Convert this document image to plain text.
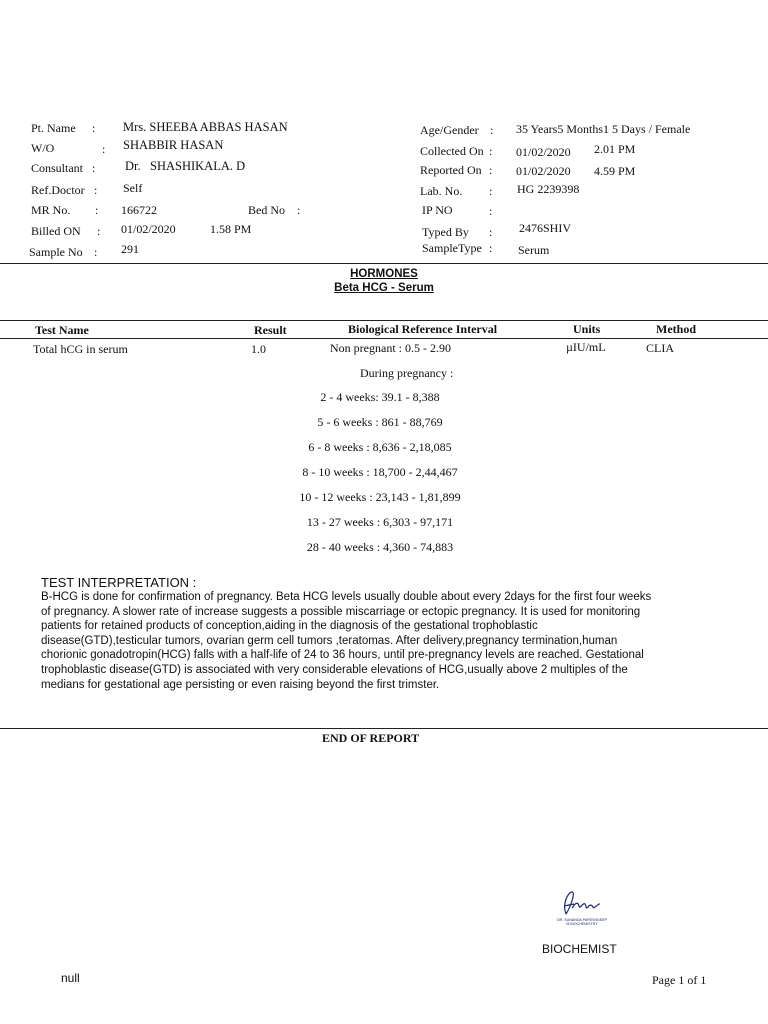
Pt. Name : Mrs. SHEEBA ABBAS HASAN
W/O	: SHABBIR HASAN
Consultant : Dr.   SHASHIKALA. D
Ref.Doctor : Self
MR No. : 166722	Bed No :
Billed ON : 01/02/2020	1.58 PM
Sample No : 291
Age/Gender : 35 Years5 Months1 5 Days / Female
Collected On : 01/02/2020 2.01 PM
Reported On : 01/02/2020 4.59 PM
Lab. No. : HG 2239398
IP NO	:
Typed By : 2476SHIV
SampleType : Serum
HORMONES
Beta HCG - Serum
Test Name	Result	Biological Reference Interval	Units	Method
Total hCG in serum	1.0	Non pregnant : 0.5 - 2.90	µIU/mL	CLIA
During pregnancy :
2 - 4 weeks: 39.1 - 8,388
5 - 6 weeks : 861 - 88,769
6 - 8 weeks : 8,636 - 2,18,085
8 - 10 weeks : 18,700 - 2,44,467
10 - 12 weeks : 23,143 - 1,81,899
13 - 27 weeks : 6,303 - 97,171
28 - 40 weeks : 4,360 - 74,883
TEST INTERPRETATION :
B-HCG is done for confirmation of pregnancy. Beta HCG levels usually double about every 2days for the first four weeks of pregnancy. A slower rate of increase suggests a possible miscarriage or ectopic pregnancy. It is used for monitoring patients for retained products of conception,aiding in the diagnosis of the gestational trophoblastic disease(GTD),testicular tumors, ovarian germ cell tumors ,teratomas. After delivery,pregnancy termination,human chorionic gonadotropin(HCG) falls with a half-life of 24 to 36 hours, until pre-pregnancy levels are reached. Gestational trophoblastic disease(GTD) is associated with very considerable elevations of HCG,usually above 2 multiples of the medians for gestational age persisting or even raising beyond the first trimster.
END OF REPORT
DR. SUNANDA PARESHDEEP M.BIOCHEMISTRY
BIOCHEMIST
null	Page 1 of 1
